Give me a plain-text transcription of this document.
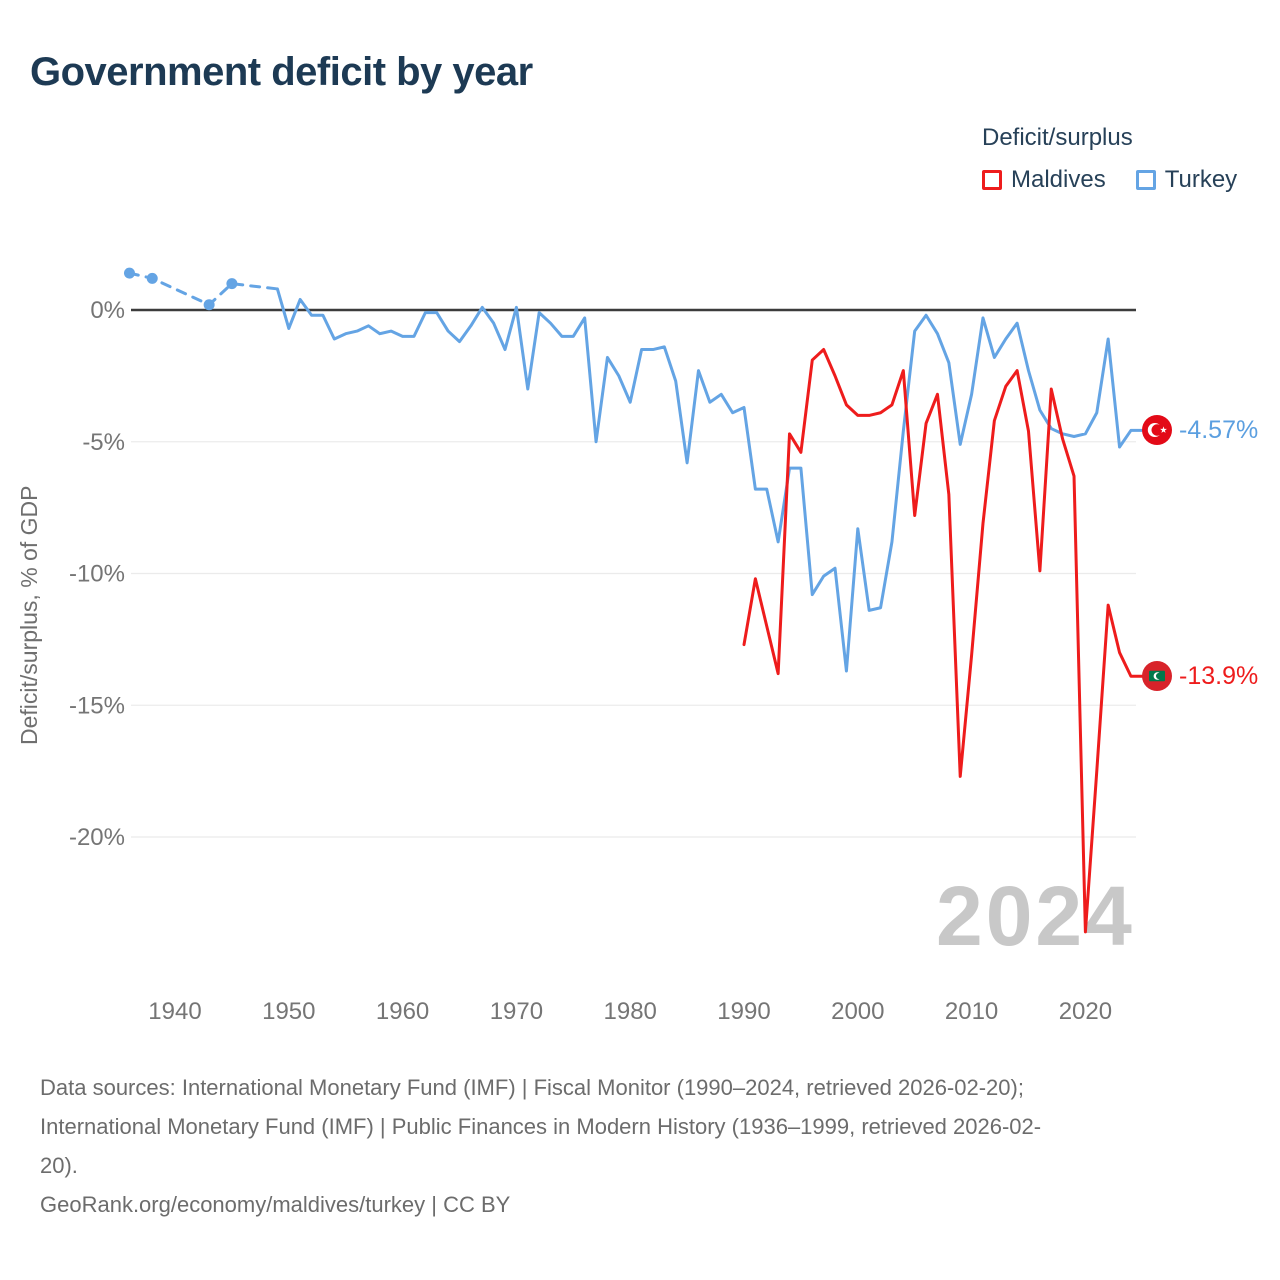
Government deficit by year
Deficit/surplus
Maldives Turkey
2024
0%
-5%
-10%
-15%
-20%
1940	1950	1960	1970	1980	1990	2000	2010	2020
Deficit/surplus, % of GDP
-4.57%
-13.9%
Data sources: International Monetary Fund (IMF) | Fiscal Monitor (1990–2024, retrieved 2026-02-20);
International Monetary Fund (IMF) | Public Finances in Modern History (1936–1999, retrieved 2026-02-
20).
GeoRank.org/economy/maldives/turkey | CC BY
